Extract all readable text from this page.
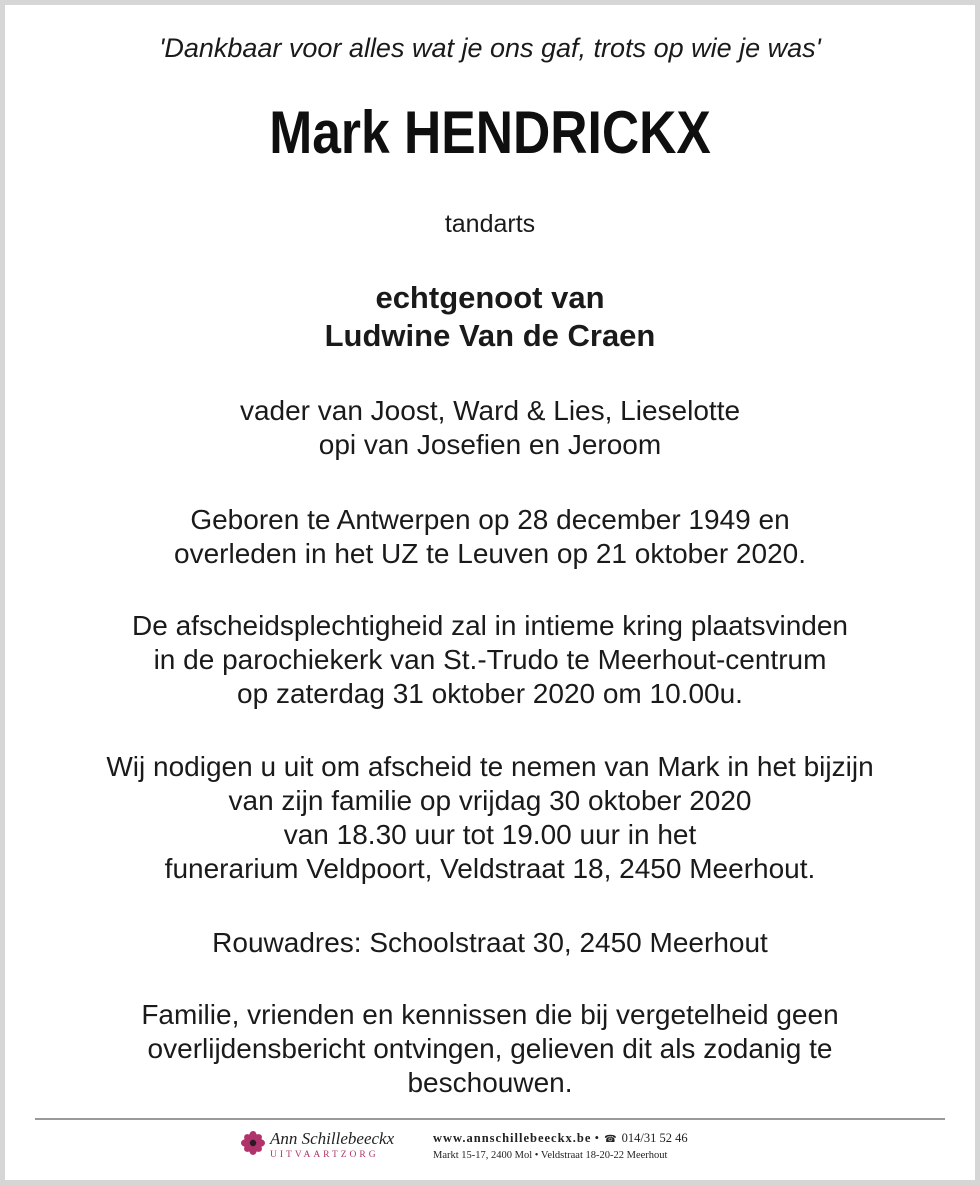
'Dankbaar voor alles wat je ons gaf, trots op wie je was'
Mark HENDRICKX
tandarts
echtgenoot van
Ludwine Van de Craen
vader van Joost, Ward & Lies, Lieselotte
opi van Josefien en Jeroom
Geboren te Antwerpen op 28 december 1949 en
overleden in het UZ te Leuven op 21 oktober 2020.
De afscheidsplechtigheid zal in intieme kring plaatsvinden
in de parochiekerk van St.-Trudo te Meerhout-centrum
op zaterdag 31 oktober 2020 om 10.00u.
Wij nodigen u uit om afscheid te nemen van Mark in het bijzijn
van zijn familie op vrijdag 30 oktober 2020
van 18.30 uur tot 19.00 uur in het
funerarium Veldpoort, Veldstraat 18, 2450 Meerhout.
Rouwadres: Schoolstraat 30, 2450 Meerhout
Familie, vrienden en kennissen die bij vergetelheid geen
overlijdensbericht ontvingen, gelieven dit als zodanig te
beschouwen.
Ann Schillebeeckx
UITVAARTZORG
www.annschillebeeckx.be • ☎ 014/31 52 46
Markt 15-17, 2400 Mol • Veldstraat 18-20-22 Meerhout
